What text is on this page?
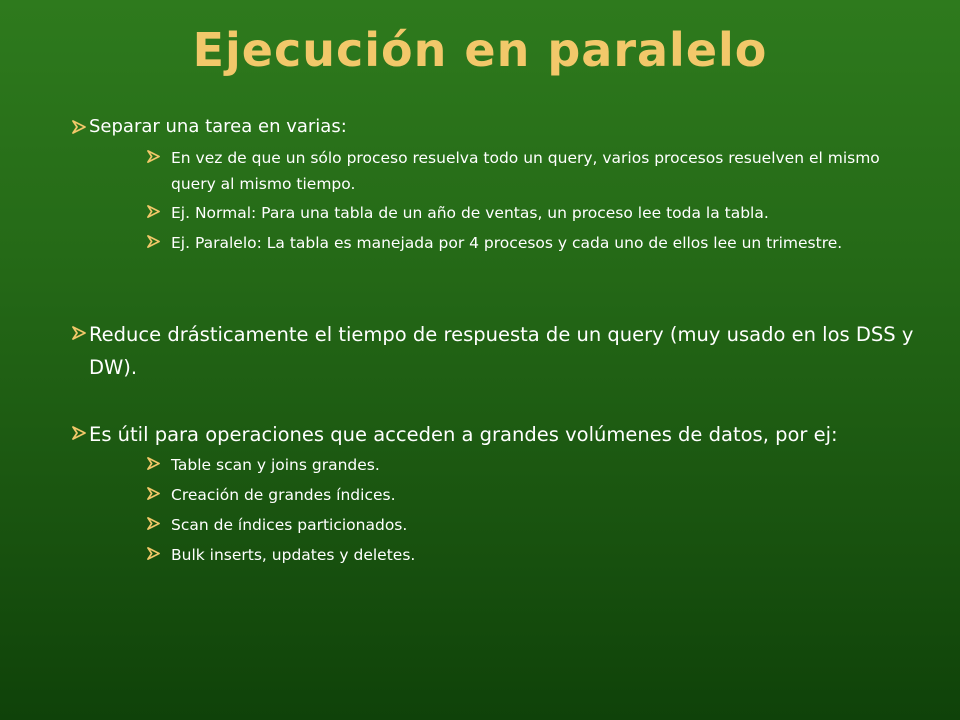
Ejecución en paralelo
Separar una tarea en varias:
En vez de que un sólo proceso resuelva todo un query, varios procesos resuelven el mismo query al mismo tiempo.
Ej. Normal: Para una tabla de un año de ventas, un proceso lee toda la tabla.
Ej. Paralelo: La tabla es manejada por 4 procesos y cada uno de ellos lee un trimestre.
Reduce drásticamente el tiempo de respuesta de un query (muy usado en los DSS y DW).
Es útil para operaciones que acceden a grandes volúmenes de datos, por ej:
Table scan y joins grandes.
Creación de grandes índices.
Scan de índices particionados.
Bulk inserts, updates y deletes.
